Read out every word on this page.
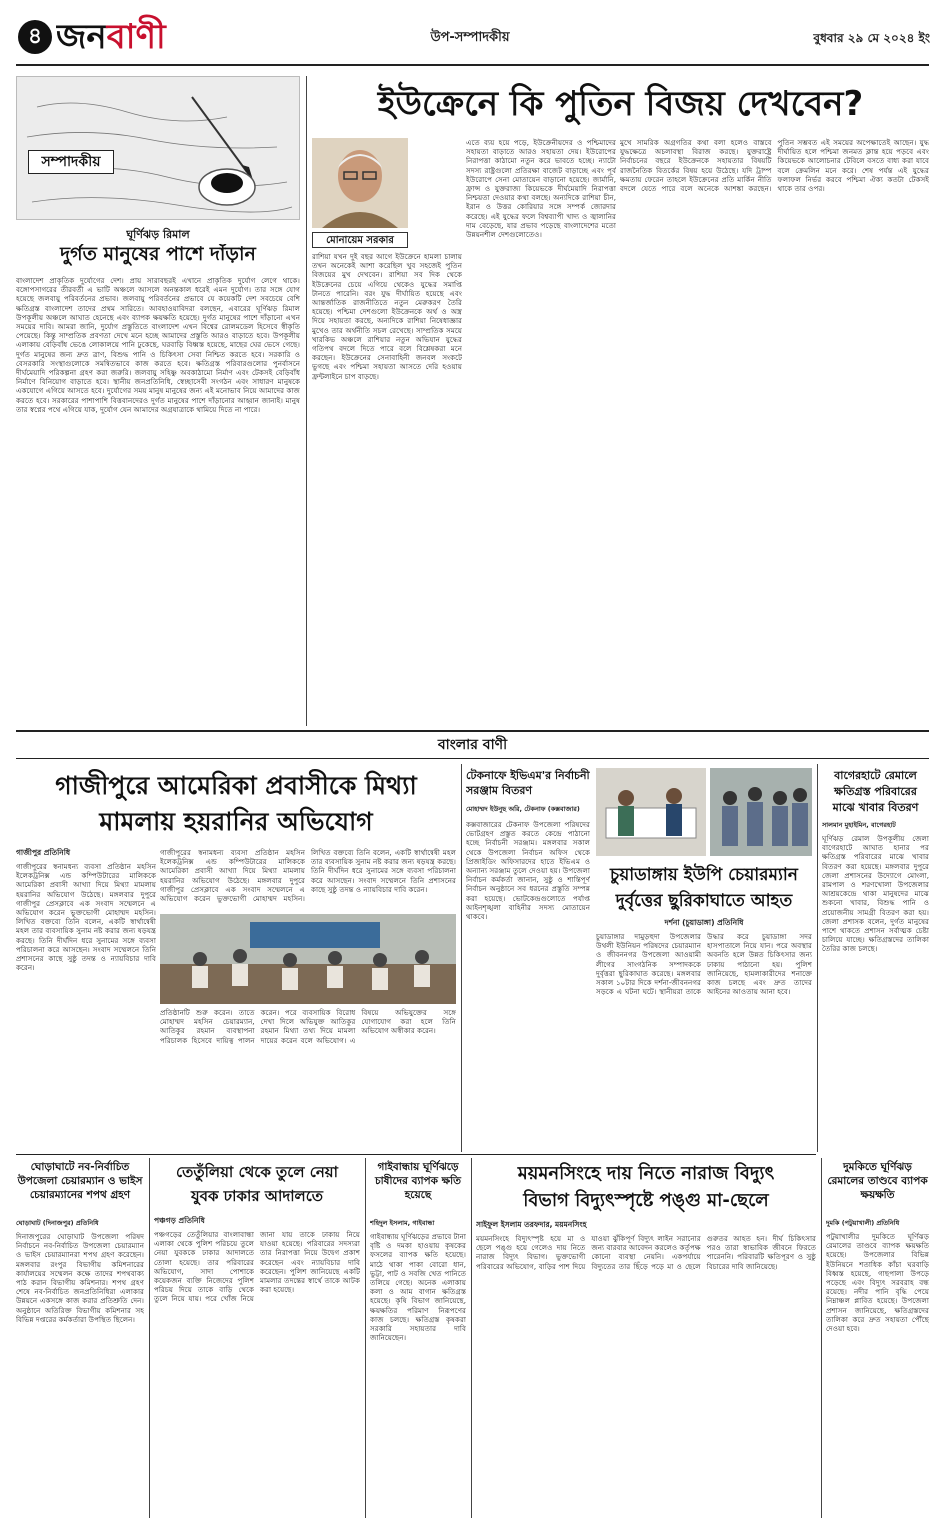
৪ জনবাণী	উপ-সম্পাদকীয়	বুধবার ২৯ মে ২০২৪ ইং
সম্পাদকীয়
ঘূর্ণিঝড় রিমাল
দুর্গত মানুষের পাশে দাঁড়ান
বাংলাদেশ প্রাকৃতিক দুর্যোগের দেশ। প্রায় সারাবছরই এখানে প্রাকৃতিক দুর্যোগ লেগে থাকে। বঙ্গোপসাগরের তীরবর্তী এ ভাটি অঞ্চলে আসলে অনন্তকাল ধরেই এমন দুর্যোগ। তার সঙ্গে যোগ হয়েছে জলবায়ু পরিবর্তনের প্রভাব। জলবায়ু পরিবর্তনের প্রভাবে যে কয়েকটি দেশ সবচেয়ে বেশি ক্ষতিগ্রস্ত বাংলাদেশ তাদের প্রথম সারিতে। আবহাওয়াবিদরা বলছেন, এবারের ঘূর্ণিঝড় রিমাল উপকূলীয় অঞ্চলে আঘাত হেনেছে এবং ব্যাপক ক্ষয়ক্ষতি হয়েছে। দুর্গত মানুষের পাশে দাঁড়ানো এখন সময়ের দাবি। আমরা জানি, দুর্যোগ প্রস্তুতিতে বাংলাদেশ এখন বিশ্বের রোলমডেল হিসেবে স্বীকৃতি পেয়েছে। কিন্তু সাম্প্রতিক প্রবণতা দেখে মনে হচ্ছে আমাদের প্রস্তুতি আরও বাড়াতে হবে। উপকূলীয় এলাকায় বেড়িবাঁধ ভেঙে লোকালয়ে পানি ঢুকেছে, ঘরবাড়ি বিধ্বস্ত হয়েছে, মাছের ঘের ভেসে গেছে। দুর্গত মানুষের জন্য দ্রুত ত্রাণ, বিশুদ্ধ পানি ও চিকিৎসা সেবা নিশ্চিত করতে হবে। সরকারি ও বেসরকারি সংস্থাগুলোকে সমন্বিতভাবে কাজ করতে হবে। ক্ষতিগ্রস্ত পরিবারগুলোর পুনর্বাসনে দীর্ঘমেয়াদি পরিকল্পনা গ্রহণ করা জরুরি। জলবায়ু সহিষ্ণু অবকাঠামো নির্মাণ এবং টেকসই বেড়িবাঁধ নির্মাণে বিনিয়োগ বাড়াতে হবে। স্থানীয় জনপ্রতিনিধি, স্বেচ্ছাসেবী সংগঠন এবং সাধারণ মানুষকে একযোগে এগিয়ে আসতে হবে। দুর্যোগের সময় মানুষ মানুষের জন্য এই মনোভাব নিয়ে আমাদের কাজ করতে হবে। সরকারের পাশাপাশি বিত্তবানদেরও দুর্গত মানুষের পাশে দাঁড়ানোর আহ্বান জানাই। মানুষ তার স্বপ্নের পথে এগিয়ে যাক, দুর্যোগ যেন আমাদের অগ্রযাত্রাকে থামিয়ে দিতে না পারে।
ইউক্রেনে কি পুতিন বিজয় দেখবেন?
মোনায়েম সরকার
রাশিয়া যখন দুই বছর আগে ইউক্রেনে হামলা চালায় তখন অনেকেই আশা করেছিল খুব সহজেই পুতিন বিজয়ের মুখ দেখবেন। রাশিয়া সব দিক থেকে ইউক্রেনের চেয়ে এগিয়ে থেকেও যুদ্ধের সমাপ্তি টানতে পারেনি। বরং যুদ্ধ দীর্ঘায়িত হয়েছে এবং আন্তর্জাতিক রাজনীতিতে নতুন মেরুকরণ তৈরি হয়েছে। পশ্চিমা দেশগুলো ইউক্রেনকে অর্থ ও অস্ত্র দিয়ে সহায়তা করছে, অন্যদিকে রাশিয়া নিষেধাজ্ঞার মুখেও তার অর্থনীতি সচল রেখেছে। সাম্প্রতিক সময়ে খারকিভ অঞ্চলে রাশিয়ার নতুন অভিযান যুদ্ধের গতিপথ বদলে দিতে পারে বলে বিশ্লেষকরা মনে করছেন। ইউক্রেনের সেনাবাহিনী জনবল সংকটে ভুগছে এবং পশ্চিমা সহায়তা আসতে দেরি হওয়ায় ফ্রন্টলাইনে চাপ বাড়ছে।
এতে ব্যয় হয়ে পড়ে, ইউক্রেনীয়দের ও পশ্চিমাদের সহায়তা বাড়াতে আরও সহায়তা দেয়। ইউরোপের নিরাপত্তা কাঠামো নতুন করে ভাবতে হচ্ছে। ন্যাটো সদস্য রাষ্ট্রগুলো প্রতিরক্ষা বাজেট বাড়াচ্ছে এবং পূর্ব ইউরোপে সেনা মোতায়েন বাড়ানো হয়েছে। জার্মানি, ফ্রান্স ও যুক্তরাজ্য কিয়েভকে দীর্ঘমেয়াদি নিরাপত্তা নিশ্চয়তা দেওয়ার কথা বলছে। অন্যদিকে রাশিয়া চীন, ইরান ও উত্তর কোরিয়ার সঙ্গে সম্পর্ক জোরদার করেছে। এই যুদ্ধের ফলে বিশ্বব্যাপী খাদ্য ও জ্বালানির দাম বেড়েছে, যার প্রভাব পড়েছে বাংলাদেশের মতো উন্নয়নশীল দেশগুলোতেও।
মুখে সামরিক অগ্রগতির কথা বলা হলেও বাস্তবে যুদ্ধক্ষেত্রে অচলাবস্থা বিরাজ করছে। যুক্তরাষ্ট্রে নির্বাচনের বছরে ইউক্রেনকে সহায়তার বিষয়টি রাজনৈতিক বিতর্কের বিষয় হয়ে উঠেছে। যদি ট্রাম্প ক্ষমতায় ফেরেন তাহলে ইউক্রেনের প্রতি মার্কিন নীতি বদলে যেতে পারে বলে অনেকে আশঙ্কা করছেন। পুতিন সম্ভবত এই সময়ের অপেক্ষাতেই আছেন। যুদ্ধ দীর্ঘায়িত হলে পশ্চিমা জনমত ক্লান্ত হয়ে পড়বে এবং কিয়েভকে আলোচনার টেবিলে বসতে বাধ্য করা যাবে বলে ক্রেমলিন মনে করে। শেষ পর্যন্ত এই যুদ্ধের ফলাফল নির্ভর করবে পশ্চিমা ঐক্য কতটা টেকসই থাকে তার ওপর।
বাংলার বাণী
গাজীপুরে আমেরিকা প্রবাসীকে মিথ্যা
মামলায় হয়রানির অভিযোগ
গাজীপুর প্রতিনিধি
গাজীপুরের স্বনামধন্য ব্যবসা প্রতিষ্ঠান মহসিন ইলেকট্রনিক্স এন্ড কম্পিউটারের মালিককে আমেরিকা প্রবাসী আখ্যা দিয়ে মিথ্যা মামলায় হয়রানির অভিযোগ উঠেছে। মঙ্গলবার দুপুরে গাজীপুর প্রেসক্লাবে এক সংবাদ সম্মেলনে এ অভিযোগ করেন ভুক্তভোগী মোহাম্মদ মহসিন। লিখিত বক্তব্যে তিনি বলেন, একটি স্বার্থান্বেষী মহল তার ব্যবসায়িক সুনাম নষ্ট করার জন্য ষড়যন্ত্র করছে। তিনি দীর্ঘদিন ধরে সুনামের সঙ্গে ব্যবসা পরিচালনা করে আসছেন। সংবাদ সম্মেলনে তিনি প্রশাসনের কাছে সুষ্ঠু তদন্ত ও ন্যায়বিচার দাবি করেন।
গাজীপুরের স্বনামধন্য ব্যবসা প্রতিষ্ঠান মহসিন ইলেকট্রনিক্স এন্ড কম্পিউটারের মালিককে আমেরিকা প্রবাসী আখ্যা দিয়ে মিথ্যা মামলায় হয়রানির অভিযোগ উঠেছে। মঙ্গলবার দুপুরে গাজীপুর প্রেসক্লাবে এক সংবাদ সম্মেলনে এ অভিযোগ করেন ভুক্তভোগী মোহাম্মদ মহসিন। লিখিত বক্তব্যে তিনি বলেন, একটি স্বার্থান্বেষী মহল তার ব্যবসায়িক সুনাম নষ্ট করার জন্য ষড়যন্ত্র করছে। তিনি দীর্ঘদিন ধরে সুনামের সঙ্গে ব্যবসা পরিচালনা করে আসছেন। সংবাদ সম্মেলনে তিনি প্রশাসনের কাছে সুষ্ঠু তদন্ত ও ন্যায়বিচার দাবি করেন।
প্রতিষ্ঠানটি শুরু করেন। তাতে মোহাম্মদ মহসিন চেয়ারম্যান, আতিকুর রহমান ব্যবস্থাপনা পরিচালক হিসেবে দায়িত্ব পালন করেন। পরে ব্যবসায়িক বিরোধ দেখা দিলে অভিযুক্ত আতিকুর রহমান মিথ্যা তথ্য দিয়ে মামলা দায়ের করেন বলে অভিযোগ। এ বিষয়ে অভিযুক্তের সঙ্গে যোগাযোগ করা হলে তিনি অভিযোগ অস্বীকার করেন।
টেকনাফে ইভিএম'র নির্বাচনী সরঞ্জাম বিতরণ
মোহাম্মদ ইউনুছ অরি, টেকনাফ (কক্সবাজার)
কক্সবাজারের টেকনাফ উপজেলা পরিষদের ভোটগ্রহণ প্রস্তুত করতে কেন্দ্রে পাঠানো হচ্ছে নির্বাচনী সরঞ্জাম। মঙ্গলবার সকাল থেকে উপজেলা নির্বাচন অফিস থেকে প্রিজাইডিং অফিসারদের হাতে ইভিএম ও অন্যান্য সরঞ্জাম তুলে দেওয়া হয়। উপজেলা নির্বাচন কর্মকর্তা জানান, সুষ্ঠু ও শান্তিপূর্ণ নির্বাচন অনুষ্ঠানে সব ধরনের প্রস্তুতি সম্পন্ন করা হয়েছে। ভোটকেন্দ্রগুলোতে পর্যাপ্ত আইনশৃঙ্খলা বাহিনীর সদস্য মোতায়েন থাকবে।
চুয়াডাঙ্গায় ইউপি চেয়ারম্যান
দুর্বৃত্তের ছুরিকাঘাতে আহত
দর্শনা (চুয়াডাঙ্গা) প্রতিনিধি
চুয়াডাঙ্গার দামুড়হুদা উপজেলার উথলী ইউনিয়ন পরিষদের চেয়ারম্যান ও জীবননগর উপজেলা আওয়ামী লীগের সাংগঠনিক সম্পাদককে দুর্বৃত্তরা ছুরিকাঘাত করেছে। মঙ্গলবার সকাল ১০টার দিকে দর্শনা-জীবননগর সড়কে এ ঘটনা ঘটে। স্থানীয়রা তাকে উদ্ধার করে চুয়াডাঙ্গা সদর হাসপাতালে নিয়ে যান। পরে অবস্থার অবনতি হলে উন্নত চিকিৎসার জন্য ঢাকায় পাঠানো হয়। পুলিশ জানিয়েছে, হামলাকারীদের শনাক্তে কাজ চলছে এবং দ্রুত তাদের আইনের আওতায় আনা হবে।
বাগেরহাটে রেমালে
ক্ষতিগ্রস্ত পরিবারের
মাঝে খাবার বিতরণ
সালমান মুহাইমিন, বাগেরহাট
ঘূর্ণিঝড় রেমাল উপকূলীয় জেলা বাগেরহাটে আঘাত হানার পর ক্ষতিগ্রস্ত পরিবারের মাঝে খাবার বিতরণ করা হয়েছে। মঙ্গলবার দুপুরে জেলা প্রশাসনের উদ্যোগে মোংলা, রামপাল ও শরণখোলা উপজেলার আশ্রয়কেন্দ্রে থাকা মানুষদের মাঝে শুকনো খাবার, বিশুদ্ধ পানি ও প্রয়োজনীয় সামগ্রী বিতরণ করা হয়। জেলা প্রশাসক বলেন, দুর্গত মানুষের পাশে থাকতে প্রশাসন সর্বাত্মক চেষ্টা চালিয়ে যাচ্ছে। ক্ষতিগ্রস্তদের তালিকা তৈরির কাজ চলছে।
ঘোড়াঘাটে নব-নির্বাচিত উপজেলা চেয়ারম্যান ও ভাইস চেয়ারম্যানের শপথ গ্রহণ
ঘোড়াঘাট (দিনাজপুর) প্রতিনিধি
দিনাজপুরের ঘোড়াঘাট উপজেলা পরিষদ নির্বাচনে নব-নির্বাচিত উপজেলা চেয়ারম্যান ও ভাইস চেয়ারম্যানরা শপথ গ্রহণ করেছেন। মঙ্গলবার রংপুর বিভাগীয় কমিশনারের কার্যালয়ের সম্মেলন কক্ষে তাদের শপথবাক্য পাঠ করান বিভাগীয় কমিশনার। শপথ গ্রহণ শেষে নব-নির্বাচিত জনপ্রতিনিধিরা এলাকার উন্নয়নে একসঙ্গে কাজ করার প্রতিশ্রুতি দেন। অনুষ্ঠানে অতিরিক্ত বিভাগীয় কমিশনার সহ বিভিন্ন দপ্তরের কর্মকর্তারা উপস্থিত ছিলেন।
তেতুঁলিয়া থেকে তুলে নেয়া
যুবক ঢাকার আদালতে
পঞ্চগড় প্রতিনিধি
পঞ্চগড়ের তেতুঁলিয়ার বাংলাবান্ধা এলাকা থেকে পুলিশ পরিচয়ে তুলে নেয়া যুবককে ঢাকার আদালতে তোলা হয়েছে। তার পরিবারের অভিযোগ, সাদা পোশাকে কয়েকজন ব্যক্তি নিজেদের পুলিশ পরিচয় দিয়ে তাকে বাড়ি থেকে তুলে নিয়ে যায়। পরে খোঁজ নিয়ে জানা যায় তাকে ঢাকায় নিয়ে যাওয়া হয়েছে। পরিবারের সদস্যরা তার নিরাপত্তা নিয়ে উদ্বেগ প্রকাশ করেছেন এবং ন্যায়বিচার দাবি করেছেন। পুলিশ জানিয়েছে একটি মামলার তদন্তের স্বার্থে তাকে আটক করা হয়েছে।
গাইবান্ধায় ঘূর্ণিঝড়ে চাষীদের ব্যাপক ক্ষতি হয়েছে
শহিদুল ইসলাম, গাইবান্ধা
গাইবান্ধায় ঘূর্ণিঝড়ের প্রভাবে টানা বৃষ্টি ও দমকা হাওয়ায় কৃষকের ফসলের ব্যাপক ক্ষতি হয়েছে। মাঠে থাকা পাকা বোরো ধান, ভুট্টা, পাট ও সবজি খেত পানিতে তলিয়ে গেছে। অনেক এলাকায় কলা ও আম বাগান ক্ষতিগ্রস্ত হয়েছে। কৃষি বিভাগ জানিয়েছে, ক্ষয়ক্ষতির পরিমাণ নিরূপণের কাজ চলছে। ক্ষতিগ্রস্ত কৃষকরা সরকারি সহায়তার দাবি জানিয়েছেন।
ময়মনসিংহে দায় নিতে নারাজ বিদ্যুৎ
বিভাগ বিদ্যুৎস্পৃষ্টে পঙ্গু মা-ছেলে
সাইফুল ইসলাম তরফদার, ময়মনসিংহ
ময়মনসিংহে বিদ্যুৎস্পৃষ্ট হয়ে মা ও ছেলে পঙ্গু হয়ে গেলেও দায় নিতে নারাজ বিদ্যুৎ বিভাগ। ভুক্তভোগী পরিবারের অভিযোগ, বাড়ির পাশ দিয়ে যাওয়া ঝুঁকিপূর্ণ বিদ্যুৎ লাইন সরানোর জন্য বারবার আবেদন করলেও কর্তৃপক্ষ কোনো ব্যবস্থা নেয়নি। একপর্যায়ে বিদ্যুতের তার ছিঁড়ে পড়ে মা ও ছেলে গুরুতর আহত হন। দীর্ঘ চিকিৎসার পরও তারা স্বাভাবিক জীবনে ফিরতে পারেননি। পরিবারটি ক্ষতিপূরণ ও সুষ্ঠু বিচারের দাবি জানিয়েছে।
দুমকিতে ঘূর্ণিঝড় রেমালের তাণ্ডবে ব্যাপক ক্ষয়ক্ষতি
দুমকি (পটুয়াখালী) প্রতিনিধি
পটুয়াখালীর দুমকিতে ঘূর্ণিঝড় রেমালের তাণ্ডবে ব্যাপক ক্ষয়ক্ষতি হয়েছে। উপজেলার বিভিন্ন ইউনিয়নে শতাধিক কাঁচা ঘরবাড়ি বিধ্বস্ত হয়েছে, গাছপালা উপড়ে পড়েছে এবং বিদ্যুৎ সরবরাহ বন্ধ রয়েছে। নদীর পানি বৃদ্ধি পেয়ে নিম্নাঞ্চল প্লাবিত হয়েছে। উপজেলা প্রশাসন জানিয়েছে, ক্ষতিগ্রস্তদের তালিকা করে দ্রুত সহায়তা পৌঁছে দেওয়া হবে।
